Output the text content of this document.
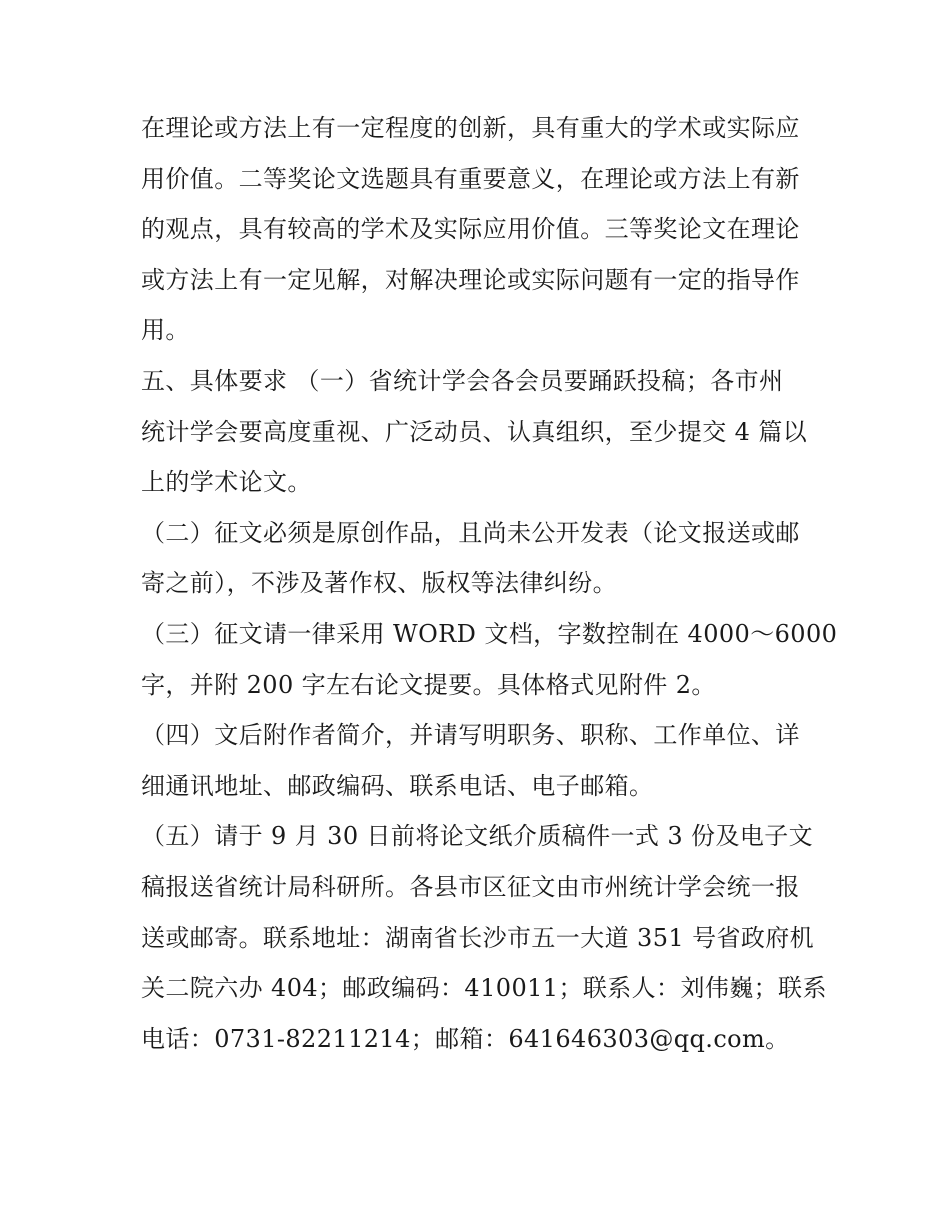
在理论或方法上有一定程度的创新，具有重大的学术或实际应
用价值。二等奖论文选题具有重要意义，在理论或方法上有新
的观点，具有较高的学术及实际应用价值。三等奖论文在理论
或方法上有一定见解，对解决理论或实际问题有一定的指导作
用。
五、具体要求 （一）省统计学会各会员要踊跃投稿；各市州
统计学会要高度重视、广泛动员、认真组织，至少提交 4 篇以
上的学术论文。
（二）征文必须是原创作品，且尚未公开发表（论文报送或邮
寄之前），不涉及著作权、版权等法律纠纷。
（三）征文请一律采用 WORD 文档，字数控制在 4000～6000
字，并附 200 字左右论文提要。具体格式见附件 2。
（四）文后附作者简介，并请写明职务、职称、工作单位、详
细通讯地址、邮政编码、联系电话、电子邮箱。
（五）请于 9 月 30 日前将论文纸介质稿件一式 3 份及电子文
稿报送省统计局科研所。各县市区征文由市州统计学会统一报
送或邮寄。联系地址：湖南省长沙市五一大道 351 号省政府机
关二院六办 404；邮政编码：410011；联系人：刘伟巍；联系
电话：0731-82211214；邮箱：641646303@qq.com。
